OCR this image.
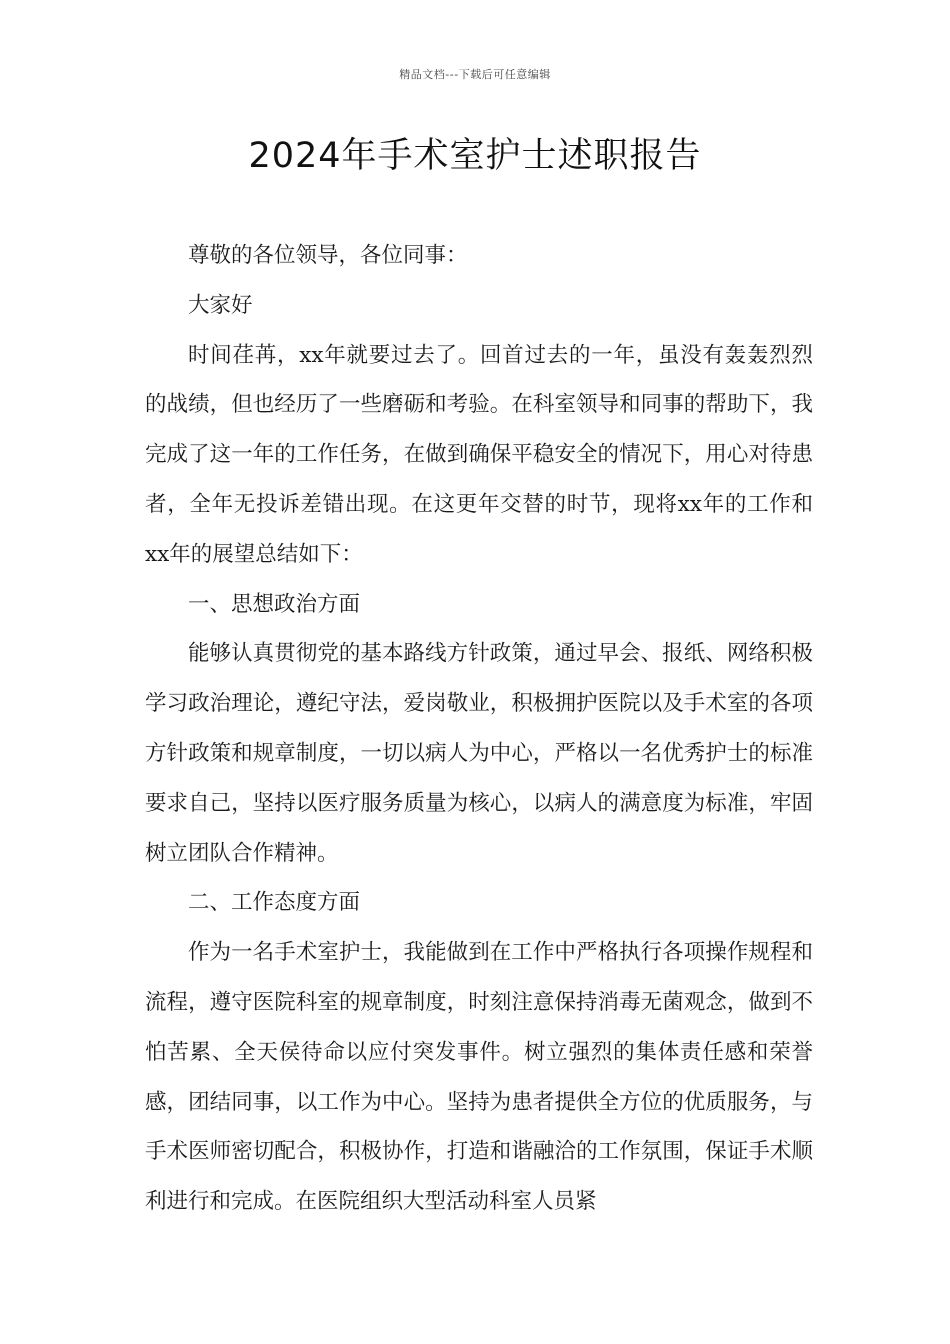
精品文档---下载后可任意编辑
2024年手术室护士述职报告

尊敬的各位领导，各位同事：

大家好

时间荏苒，xx年就要过去了。回首过去的一年，虽没有轰轰烈烈的战绩，但也经历了一些磨砺和考验。在科室领导和同事的帮助下，我完成了这一年的工作任务，在做到确保平稳安全的情况下，用心对待患者，全年无投诉差错出现。在这更年交替的时节，现将xx年的工作和xx年的展望总结如下：

一、思想政治方面

能够认真贯彻党的基本路线方针政策，通过早会、报纸、网络积极学习政治理论，遵纪守法，爱岗敬业，积极拥护医院以及手术室的各项方针政策和规章制度，一切以病人为中心，严格以一名优秀护士的标准要求自己，坚持以医疗服务质量为核心，以病人的满意度为标准，牢固树立团队合作精神。

二、工作态度方面

作为一名手术室护士，我能做到在工作中严格执行各项操作规程和流程，遵守医院科室的规章制度，时刻注意保持消毒无菌观念，做到不怕苦累、全天侯待命以应付突发事件。树立强烈的集体责任感和荣誉感，团结同事，以工作为中心。坚持为患者提供全方位的优质服务，与手术医师密切配合，积极协作，打造和谐融洽的工作氛围，保证手术顺利进行和完成。在医院组织大型活动科室人员紧
